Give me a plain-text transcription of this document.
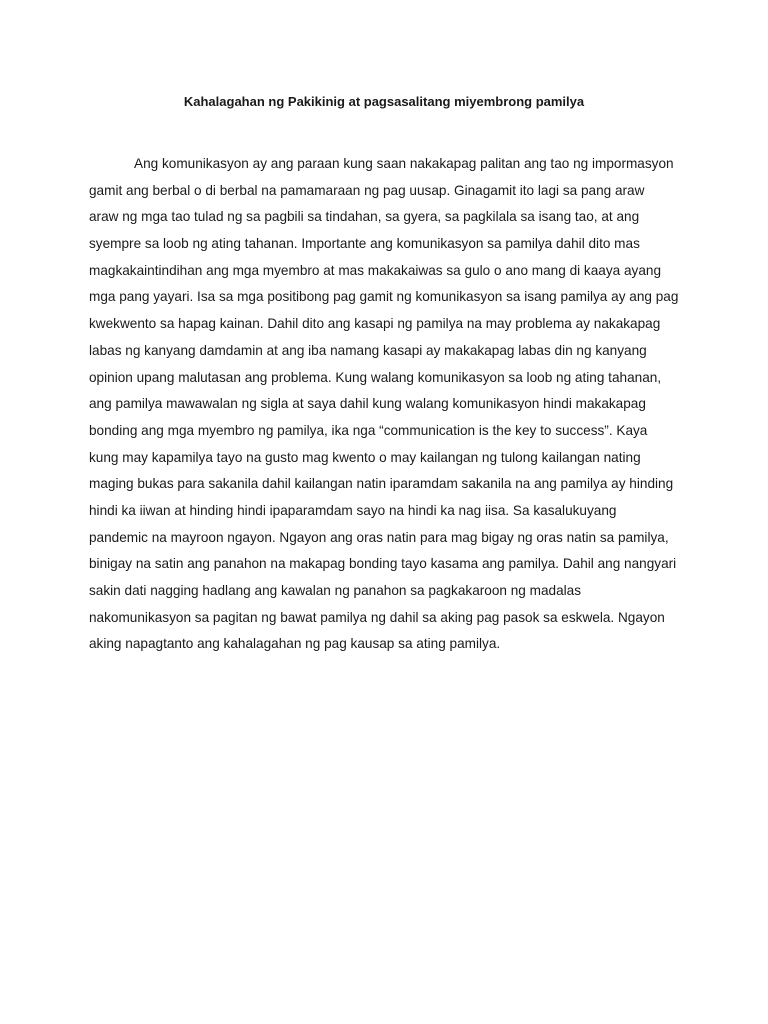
Kahalagahan ng Pakikinig at pagsasalitang miyembrong pamilya
Ang komunikasyon ay ang paraan kung saan nakakapag palitan ang tao ng impormasyon
gamit ang berbal o di berbal na pamamaraan ng pag uusap. Ginagamit ito lagi sa pang araw
araw ng mga tao tulad ng sa pagbili sa tindahan, sa gyera, sa pagkilala sa isang tao, at ang
syempre sa loob ng ating tahanan. Importante ang komunikasyon sa pamilya dahil dito mas
magkakaintindihan ang mga myembro at mas makakaiwas sa gulo o ano mang di kaaya ayang
mga pang yayari. Isa sa mga positibong pag gamit ng komunikasyon sa isang pamilya ay ang pag
kwekwento sa hapag kainan. Dahil dito ang kasapi ng pamilya na may problema ay nakakapag
labas ng kanyang damdamin at ang iba namang kasapi ay makakapag labas din ng kanyang
opinion upang malutasan ang problema. Kung walang komunikasyon sa loob ng ating tahanan,
ang pamilya mawawalan ng sigla at saya dahil kung walang komunikasyon hindi makakapag
bonding ang mga myembro ng pamilya, ika nga “communication is the key to success”. Kaya
kung may kapamilya tayo na gusto mag kwento o may kailangan ng tulong kailangan nating
maging bukas para sakanila dahil kailangan natin iparamdam sakanila na ang pamilya ay hinding
hindi ka iiwan at hinding hindi ipaparamdam sayo na hindi ka nag iisa. Sa kasalukuyang
pandemic na mayroon ngayon. Ngayon ang oras natin para mag bigay ng oras natin sa pamilya,
binigay na satin ang panahon na makapag bonding tayo kasama ang pamilya. Dahil ang nangyari
sakin dati nagging hadlang ang kawalan ng panahon sa pagkakaroon ng madalas
nakomunikasyon sa pagitan ng bawat pamilya ng dahil sa aking pag pasok sa eskwela. Ngayon
aking napagtanto ang kahalagahan ng pag kausap sa ating pamilya.
